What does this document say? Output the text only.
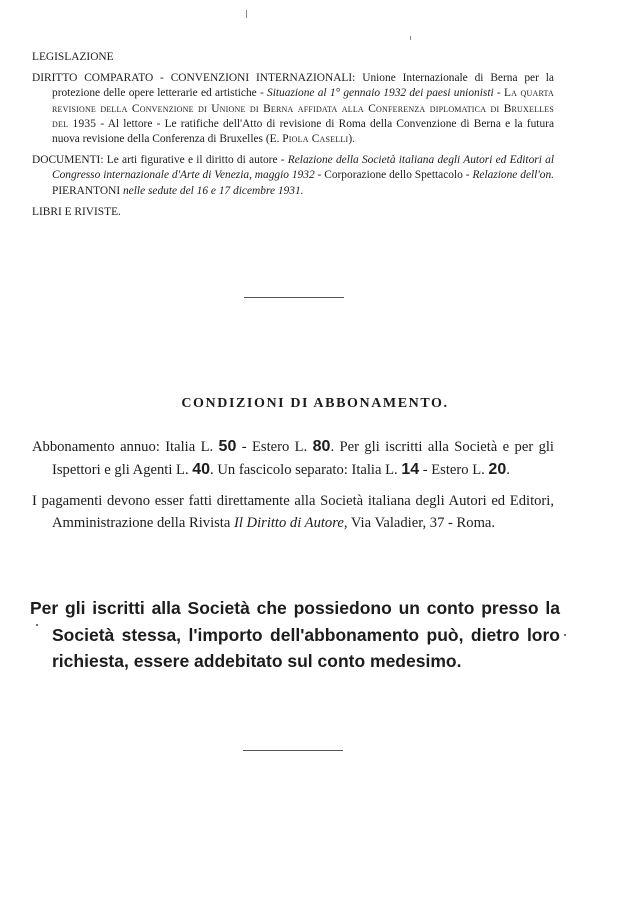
LEGISLAZIONE

DIRITTO COMPARATO - CONVENZIONI INTERNAZIONALI: Unione Internazionale di Berna per la protezione delle opere letterarie ed artistiche - Situazione al 1° gennaio 1932 dei paesi unionisti - La quarta revisione della Convenzione di Unione di Berna affidata alla Conferenza diplomatica di Bruxelles del 1935 - Al lettore - Le ratifiche dell'Atto di revisione di Roma della Convenzione di Berna e la futura nuova revisione della Conferenza di Bruxelles (E. Piola Caselli).

DOCUMENTI: Le arti figurative e il diritto di autore - Relazione della Società italiana degli Autori ed Editori al Congresso internazionale d'Arte di Venezia, maggio 1932 - Corporazione dello Spettacolo - Relazione dell'on. PIERANTONI nelle sedute del 16 e 17 dicembre 1931.

LIBRI E RIVISTE.

CONDIZIONI DI ABBONAMENTO.

Abbonamento annuo: Italia L. 50 - Estero L. 80. Per gli iscritti alla Società e per gli Ispettori e gli Agenti L. 40. Un fascicolo separato: Italia L. 14 - Estero L. 20.

I pagamenti devono esser fatti direttamente alla Società italiana degli Autori ed Editori, Amministrazione della Rivista Il Diritto di Autore, Via Valadier, 37 - Roma.

Per gli iscritti alla Società che possiedono un conto presso la Società stessa, l'importo dell'abbonamento può, dietro loro richiesta, essere addebitato sul conto medesimo.
